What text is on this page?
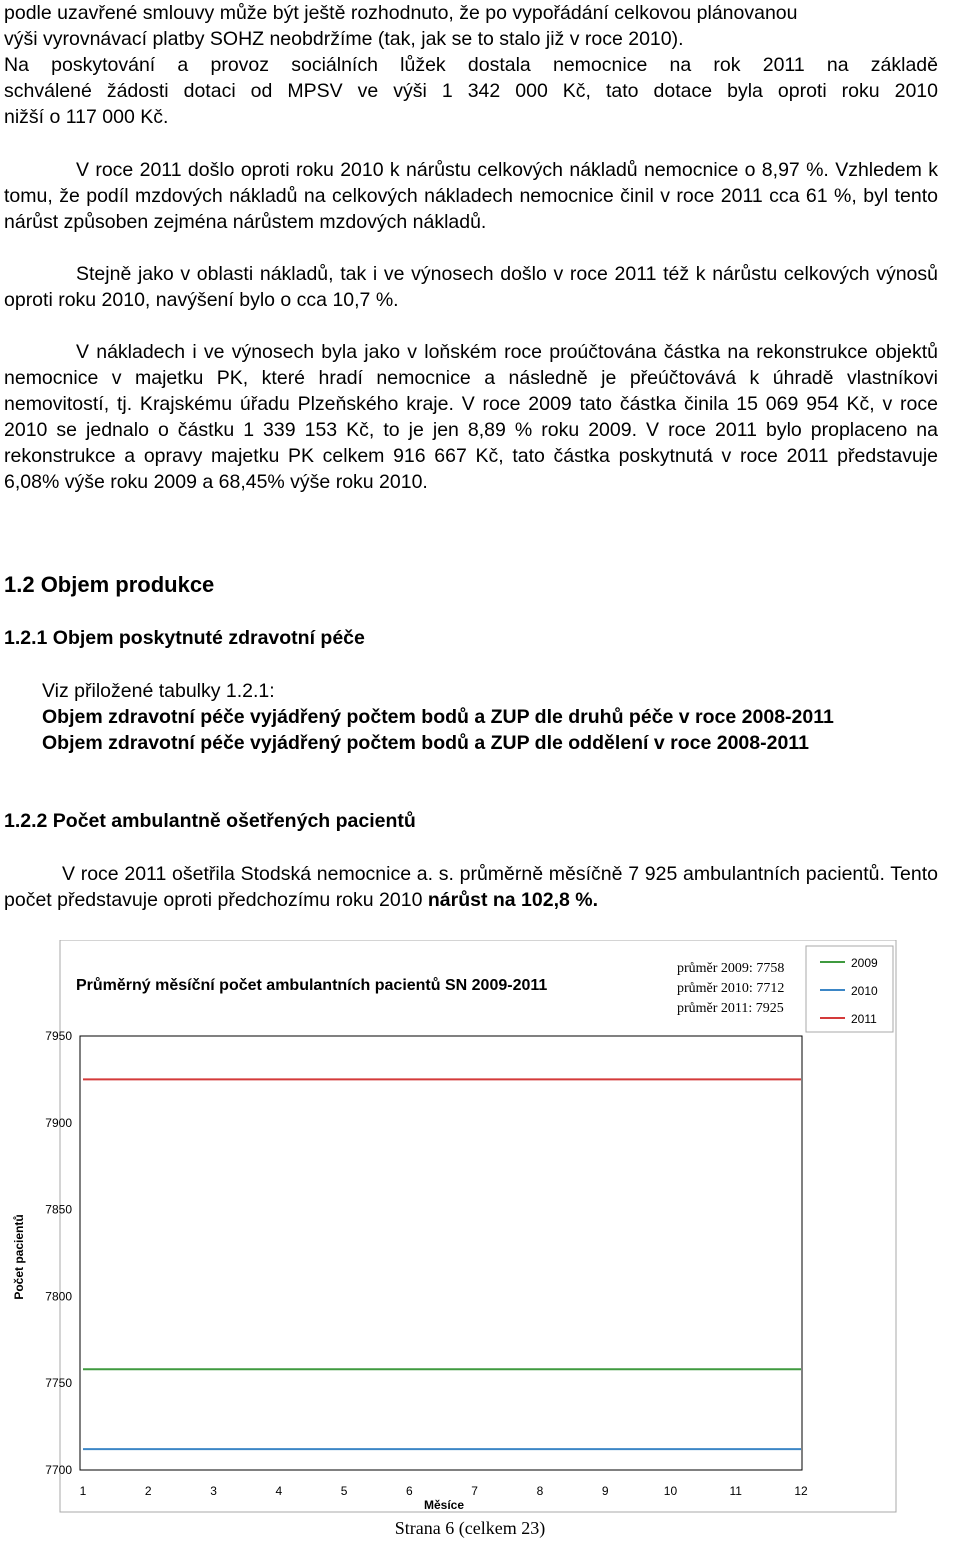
podle uzavřené smlouvy může být ještě rozhodnuto, že po vypořádání celkovou plánovanou
výši vyrovnávací platby SOHZ neobdržíme (tak, jak se to stalo již v roce 2010).
Na poskytování a provoz sociálních lůžek dostala nemocnice na rok 2011 na základě
schválené žádosti dotaci od MPSV ve výši 1 342 000 Kč, tato dotace byla oproti roku 2010
nižší o 117 000 Kč.

V roce 2011 došlo oproti roku 2010 k nárůstu celkových nákladů nemocnice o 8,97 %. Vzhledem k tomu, že podíl mzdových nákladů na celkových nákladech nemocnice činil v roce 2011 cca 61 %, byl tento nárůst způsoben zejména nárůstem mzdových nákladů.

Stejně jako v oblasti nákladů, tak i ve výnosech došlo v roce 2011 též k nárůstu celkových výnosů oproti roku 2010, navýšení bylo o cca 10,7 %.

V nákladech i ve výnosech byla jako v loňském roce proúčtována částka na rekonstrukce objektů nemocnice v majetku PK, které hradí nemocnice a následně je přeúčtovává k úhradě vlastníkovi nemovitostí, tj. Krajskému úřadu Plzeňského kraje. V roce 2009 tato částka činila 15 069 954 Kč, v roce 2010 se jednalo o částku 1 339 153 Kč, to je jen 8,89 % roku 2009. V roce 2011 bylo proplaceno na rekonstrukce a opravy majetku PK celkem 916 667 Kč, tato částka poskytnutá v roce 2011 představuje 6,08% výše roku 2009 a 68,45% výše roku 2010.

1.2 Objem produkce
1.2.1 Objem poskytnuté zdravotní péče
Viz přiložené tabulky 1.2.1:
Objem zdravotní péče vyjádřený počtem bodů a ZUP dle druhů péče v roce 2008-2011
Objem zdravotní péče vyjádřený počtem bodů a ZUP dle oddělení v roce 2008-2011
1.2.2 Počet ambulantně ošetřených pacientů

V roce 2011 ošetřila Stodská nemocnice a. s. průměrně měsíčně 7 925 ambulantních pacientů. Tento počet představuje oproti předchozímu roku 2010 nárůst na 102,8 %.

Průměrný měsíční počet ambulantních pacientů SN 2009-2011
průměr 2009: 7758
průměr 2010: 7712
průměr 2011: 7925
2009
2010
2011
7700
7750
7800
7850
7900
7950
1	2	3	4	5	6	7	8	9	10	11	12
Počet pacientů
Měsíce
Strana 6 (celkem 23)
